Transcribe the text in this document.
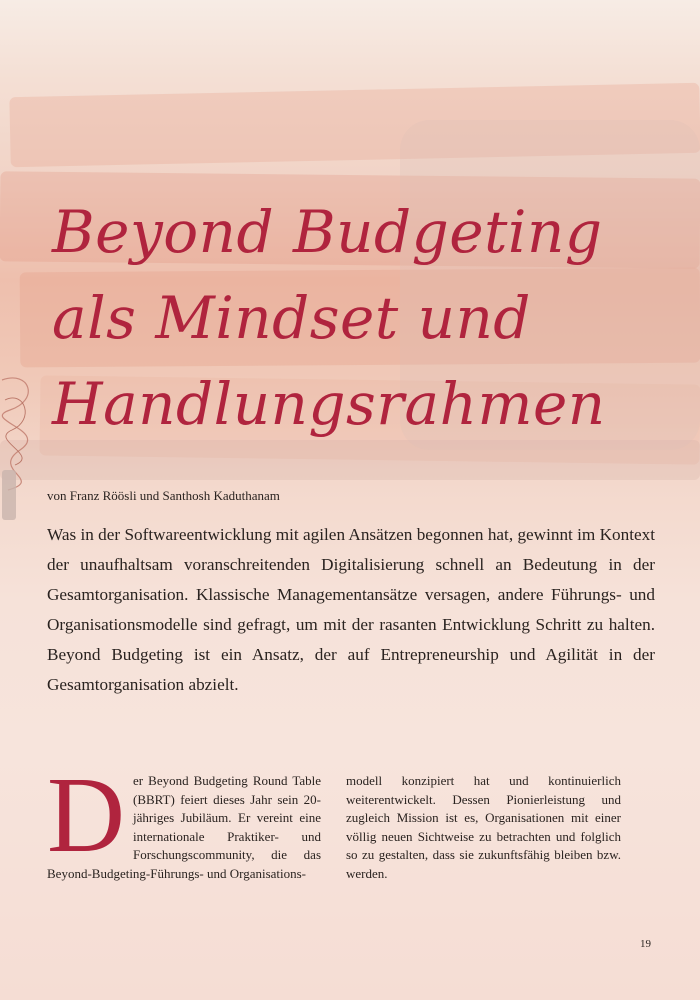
Beyond Budgeting
als Mindset und
Handlungsrahmen
von Franz Röösli und Santhosh Kaduthanam

Was in der Softwareentwicklung mit agilen Ansätzen begonnen hat, gewinnt im Kontext der unaufhaltsam voranschreitenden Digitalisierung schnell an Bedeutung in der Gesamtorganisation. Klassische Managementansätze versagen, andere Führungs- und Organisationsmodelle sind gefragt, um mit der rasanten Entwicklung Schritt zu halten. Beyond Budgeting ist ein Ansatz, der auf Entrepreneurship und Agilität in der Gesamtorganisation abzielt.

D er Beyond Budgeting Round Table (BBRT) feiert dieses Jahr sein 20-jähriges Jubiläum. Er vereint eine internationale Praktiker- und Forschungscommunity, die das Beyond-Budgeting-Führungs- und Organisations-
modell konzipiert hat und kontinuierlich weiterentwickelt. Dessen Pionierleistung und zugleich Mission ist es, Organisationen mit einer völlig neuen Sichtweise zu betrachten und folglich so zu gestalten, dass sie zukunftsfähig bleiben bzw. werden.
19
